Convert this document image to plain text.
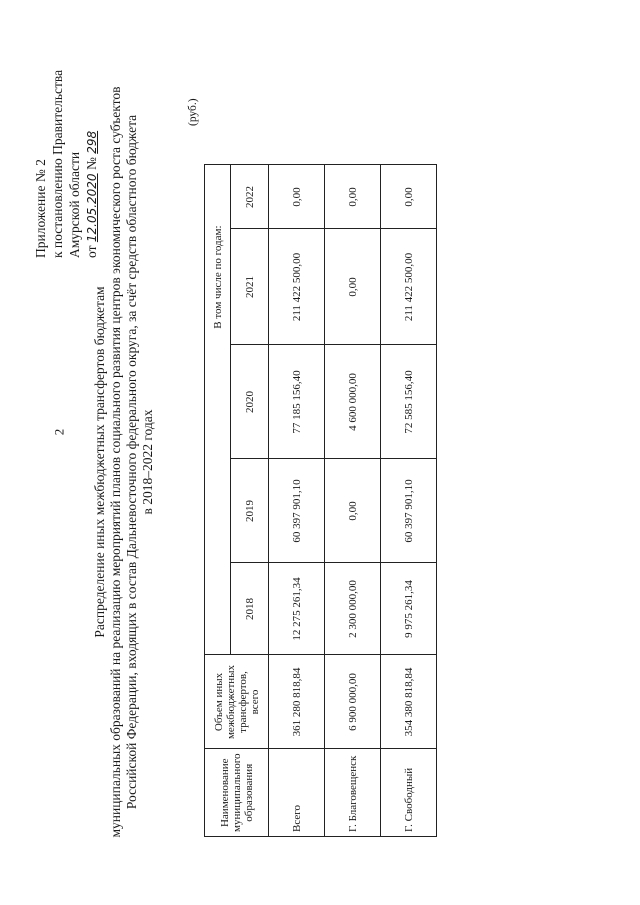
2
Приложение № 2 к постановлению Правительства Амурской области от 12.05.2020 № 298
Распределение иных межбюджетных трансфертов бюджетам муниципальных образований на реализацию мероприятий планов социального развития центров экономического роста субъектов Российской Федерации, входящих в состав Дальневосточного федерального округа, за счёт средств областного бюджета в 2018–2022 годах
(руб.)
Наименование муниципального образования	Объем иных межбюджетных трансфертов, всего	В том числе по годам:				
		2018	2019	2020	2021	2022
Всего	361 280 818,84	12 275 261,34	60 397 901,10	77 185 156,40	211 422 500,00	0,00
Г. Благовещенск	6 900 000,00	2 300 000,00	0,00	4 600 000,00	0,00	0,00
Г. Свободный	354 380 818,84	9 975 261,34	60 397 901,10	72 585 156,40	211 422 500,00	0,00
